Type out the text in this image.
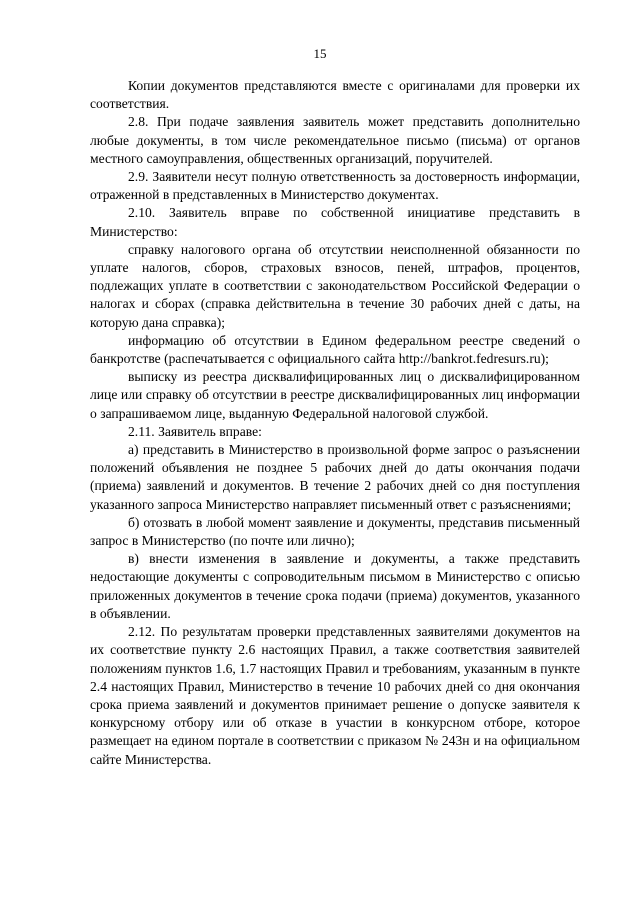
15

Копии документов представляются вместе с оригиналами для проверки их соответствия.

2.8. При подаче заявления заявитель может представить дополнительно любые документы, в том числе рекомендательное письмо (письма) от органов местного самоуправления, общественных организаций, поручителей.

2.9. Заявители несут полную ответственность за достоверность информации, отраженной в представленных в Министерство документах.

2.10. Заявитель вправе по собственной инициативе представить в Министерство:

справку налогового органа об отсутствии неисполненной обязанности по уплате налогов, сборов, страховых взносов, пеней, штрафов, процентов, подлежащих уплате в соответствии с законодательством Российской Федерации о налогах и сборах (справка действительна в течение 30 рабочих дней с даты, на которую дана справка);

информацию об отсутствии в Едином федеральном реестре сведений о банкротстве (распечатывается с официального сайта http://bankrot.fedresurs.ru);

выписку из реестра дисквалифицированных лиц о дисквалифицированном лице или справку об отсутствии в реестре дисквалифицированных лиц информации о запрашиваемом лице, выданную Федеральной налоговой службой.

2.11. Заявитель вправе:

а) представить в Министерство в произвольной форме запрос о разъяснении положений объявления не позднее 5 рабочих дней до даты окончания подачи (приема) заявлений и документов. В течение 2 рабочих дней со дня поступления указанного запроса Министерство направляет письменный ответ с разъяснениями;

б) отозвать в любой момент заявление и документы, представив письменный запрос в Министерство (по почте или лично);

в) внести изменения в заявление и документы, а также представить недостающие документы с сопроводительным письмом в Министерство с описью приложенных документов в течение срока подачи (приема) документов, указанного в объявлении.

2.12. По результатам проверки представленных заявителями документов на их соответствие пункту 2.6 настоящих Правил, а также соответствия заявителей положениям пунктов 1.6, 1.7 настоящих Правил и требованиям, указанным в пункте 2.4 настоящих Правил, Министерство в течение 10 рабочих дней со дня окончания срока приема заявлений и документов принимает решение о допуске заявителя к конкурсному отбору или об отказе в участии в конкурсном отборе, которое размещает на едином портале в соответствии с приказом № 243н и на официальном сайте Министерства.
